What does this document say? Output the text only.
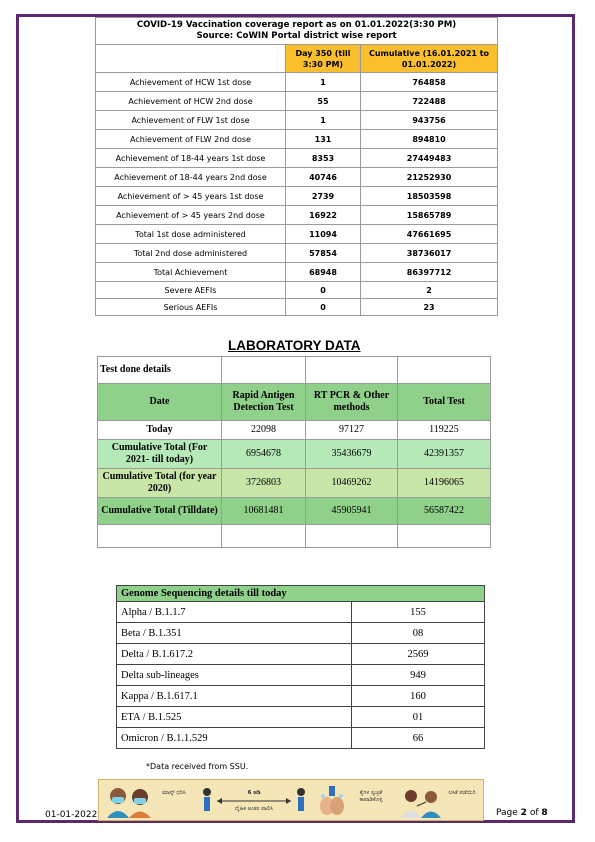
COVID-19 Vaccination coverage report as on 01.01.2022(3:30 PM)
Source: CoWIN Portal district wise report		

	Day 350 (till 3:30 PM)	Cumulative (16.01.2021 to 01.01.2022)
Achievement of HCW 1st dose	1	764858
Achievement of HCW 2nd dose	55	722488
Achievement of FLW 1st dose	1	943756
Achievement of FLW 2nd dose	131	894810
Achievement of 18-44 years 1st dose	8353	27449483
Achievement of 18-44 years 2nd dose	40746	21252930
Achievement of > 45 years 1st dose	2739	18503598
Achievement of > 45 years 2nd dose	16922	15865789
Total 1st dose administered	11094	47661695
Total 2nd dose administered	57854	38736017
Total Achievement	68948	86397712
Severe AEFIs	0	2
Serious AEFIs	0	23
LABORATORY DATA
Test done details			
Date	Rapid Antigen Detection Test	RT PCR & Other methods	Total Test
Today	22098	97127	119225
Cumulative Total (For 2021- till today)	6954678	35436679	42391357
Cumulative Total (for year 2020)	3726803	10469262	14196065
Cumulative Total (Tilldate)	10681481	45905941	56587422

Genome Sequencing details till today	
Alpha / B.1.1.7	155
Beta / B.1.351	08
Delta / B.1.617.2	2569
Delta sub-lineages	949
Kappa / B.1.617.1	160
ETA / B.1.525	01
Omicron / B.1.1.529	66
*Data received from SSU.
ಮಾಸ್ಕ್ ಧರಿಸಿ	6 ಅಡಿ
ದೈಹಿಕ ಅಂತರ ಪಾಲಿಸಿ
ಕೈಗಳ ಸ್ವಚ್ಛತೆ ಕಾಪಾಡಿಕೊಳ್ಳಿ
ಲಸಿಕೆ ಪಡೆಯಿರಿ
01-01-2022	Page 2 of 8
